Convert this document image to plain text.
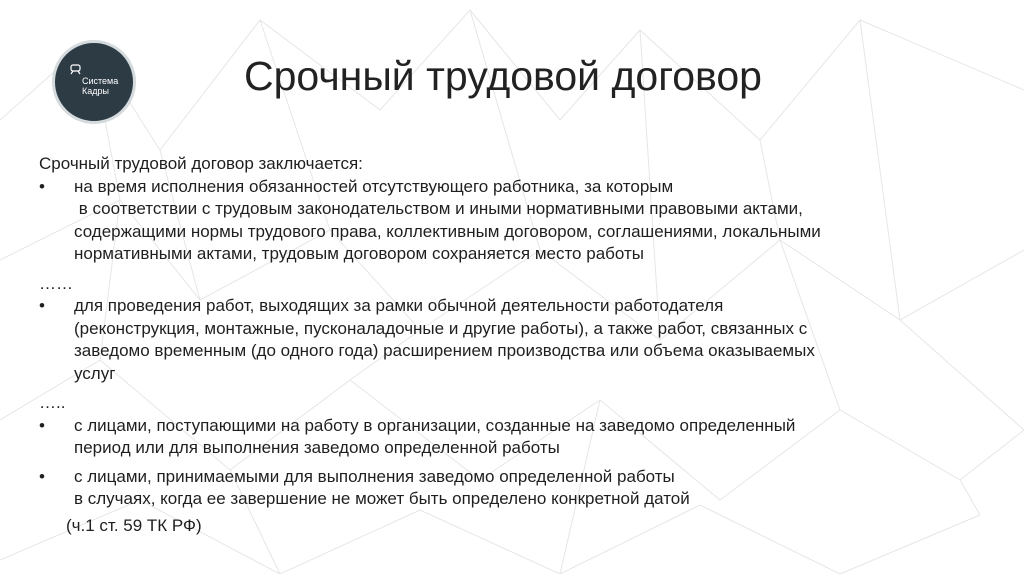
Система
Кадры	Срочный трудовой договор

Срочный трудовой договор заключается:

• на время исполнения обязанностей отсутствующего работника, за которым

в соответствии с трудовым законодательством и иными нормативными правовыми актами,

содержащими нормы трудового права, коллективным договором, соглашениями, локальными

нормативными актами, трудовым договором сохраняется место работы

……

• для проведения работ, выходящих за рамки обычной деятельности работодателя

(реконструкция, монтажные, пусконаладочные и другие работы), а также работ, связанных с

заведомо временным (до одного года) расширением производства или объема оказываемых

услуг

…..

• с лицами, поступающими на работу в организации, созданные на заведомо определенный

период или для выполнения заведомо определенной работы

• с лицами, принимаемыми для выполнения заведомо определенной работы

в случаях, когда ее завершение не может быть определено конкретной датой

(ч.1 ст. 59 ТК РФ)
